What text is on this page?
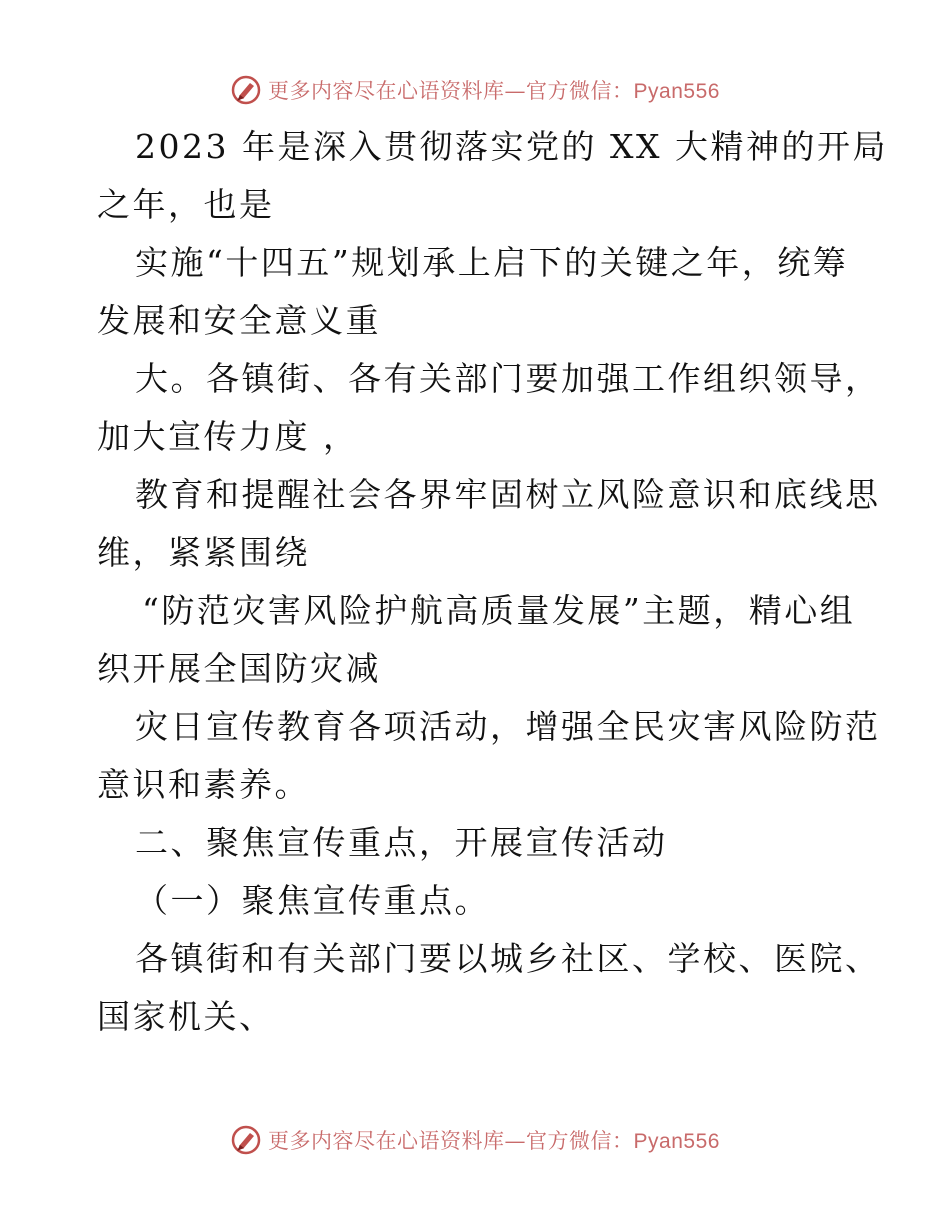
更多内容尽在心语资料库—官方微信：Pyan556

2023 年是深入贯彻落实党的 XX 大精神的开局
之年，也是

实施“十四五”规划承上启下的关键之年，统筹
发展和安全意义重

大。各镇街、各有关部门要加强工作组织领导，
加大宣传力度 ，

教育和提醒社会各界牢固树立风险意识和底线思
维，紧紧围绕

“防范灾害风险护航高质量发展”主题，精心组
织开展全国防灾减

灾日宣传教育各项活动，增强全民灾害风险防范
意识和素养。

二、聚焦宣传重点，开展宣传活动

（一）聚焦宣传重点。

各镇街和有关部门要以城乡社区、学校、医院、
国家机关、

更多内容尽在心语资料库—官方微信：Pyan556
